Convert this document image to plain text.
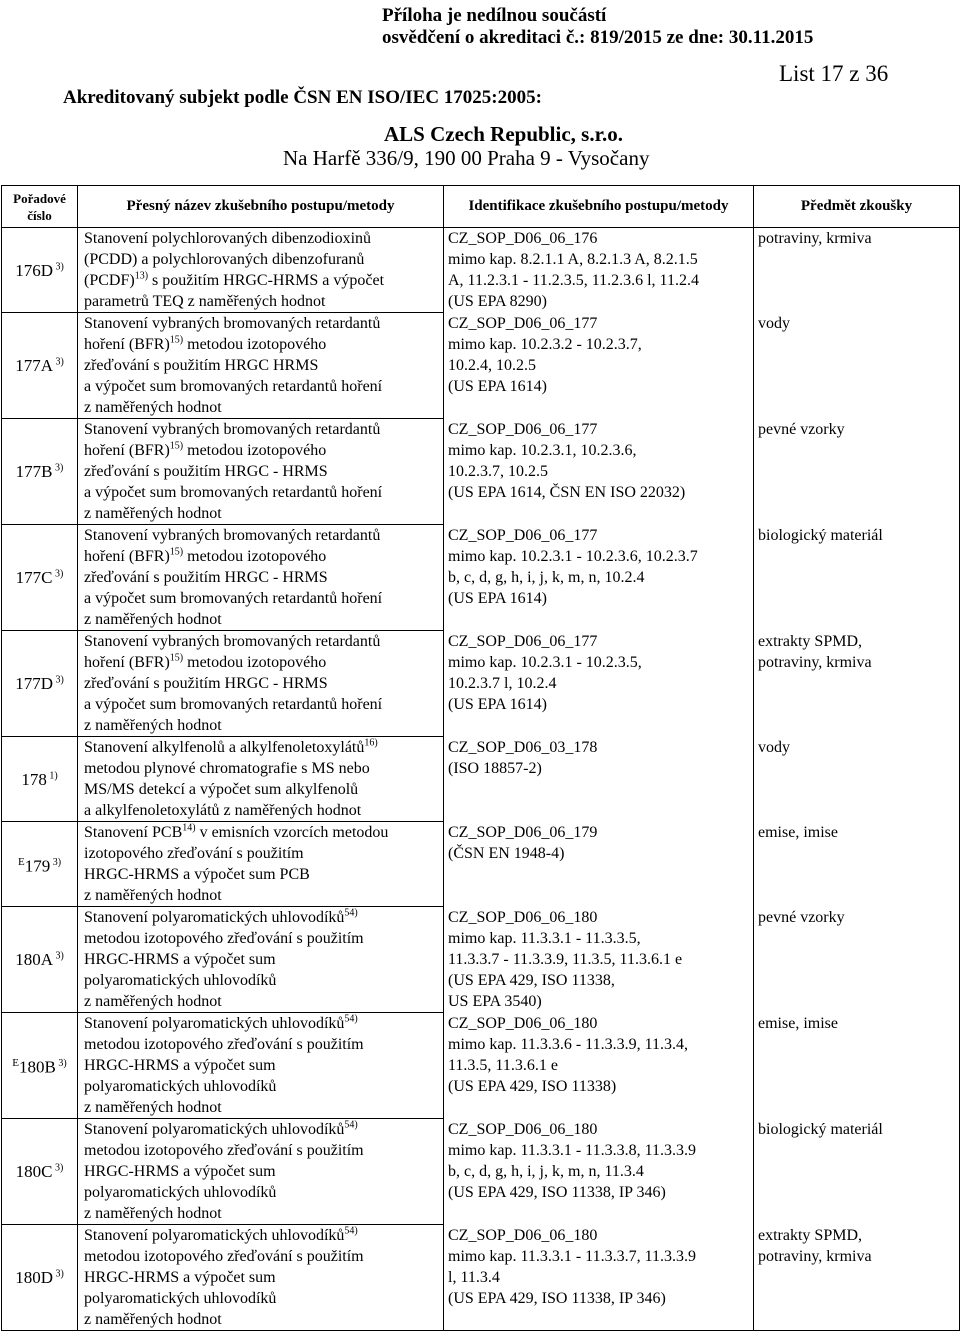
Příloha je nedílnou součástí
osvědčení o akreditaci č.: 819/2015 ze dne: 30.11.2015
List 17 z 36
Akreditovaný subjekt podle ČSN EN ISO/IEC 17025:2005:
ALS Czech Republic, s.r.o.
Na Harfě 336/9, 190 00 Praha 9 - Vysočany
Pořadové číslo	Přesný název zkušebního postupu/metody	Identifikace zkušebního postupu/metody	Předmět zkoušky
176D $^{3)}$	Stanovení polychlorovaných dibenzodioxinů
(PCDD) a polychlorovaných dibenzofuranů
(PCDF)$^{13)}$ s použitím HRGC-HRMS a výpočet
parametrů TEQ z naměřených hodnot	CZ_SOP_D06_06_176
mimo kap. 8.2.1.1 A, 8.2.1.3 A, 8.2.1.5
A, 11.2.3.1 - 11.2.3.5, 11.2.3.6 l, 11.2.4
(US EPA 8290)	potraviny, krmiva

177A $^{3)}$	Stanovení vybraných bromovaných retardantů
hoření (BFR)$^{15)}$ metodou izotopového
zřeďování s použitím HRGC HRMS
a výpočet sum bromovaných retardantů hoření
z naměřených hodnot	CZ_SOP_D06_06_177
mimo kap. 10.2.3.2 - 10.2.3.7,
10.2.4, 10.2.5
(US EPA 1614)	vody

177B $^{3)}$	Stanovení vybraných bromovaných retardantů
hoření (BFR)$^{15)}$ metodou izotopového
zřeďování s použitím HRGC - HRMS
a výpočet sum bromovaných retardantů hoření
z naměřených hodnot	CZ_SOP_D06_06_177
mimo kap. 10.2.3.1, 10.2.3.6,
10.2.3.7, 10.2.5
(US EPA 1614, ČSN EN ISO 22032)	pevné vzorky

177C $^{3)}$	Stanovení vybraných bromovaných retardantů
hoření (BFR)$^{15)}$ metodou izotopového
zřeďování s použitím HRGC - HRMS
a výpočet sum bromovaných retardantů hoření
z naměřených hodnot	CZ_SOP_D06_06_177
mimo kap. 10.2.3.1 - 10.2.3.6, 10.2.3.7
b, c, d, g, h, i, j, k, m, n, 10.2.4
(US EPA 1614)	biologický materiál

177D $^{3)}$	Stanovení vybraných bromovaných retardantů
hoření (BFR)$^{15)}$ metodou izotopového
zřeďování s použitím HRGC - HRMS
a výpočet sum bromovaných retardantů hoření
z naměřených hodnot	CZ_SOP_D06_06_177
mimo kap. 10.2.3.1 - 10.2.3.5,
10.2.3.7 l, 10.2.4
(US EPA 1614)	extrakty SPMD,
potraviny, krmiva

178 $^{1)}$	Stanovení alkylfenolů a alkylfenoletoxylátů$^{16)}$
metodou plynové chromatografie s MS nebo
MS/MS detekcí a výpočet sum alkylfenolů
a alkylfenoletoxylátů z naměřených hodnot	CZ_SOP_D06_03_178
(ISO 18857-2)	vody

$^E$179 $^{3)}$	Stanovení PCB$^{14)}$ v emisních vzorcích metodou
izotopového zřeďování s použitím
HRGC-HRMS a výpočet sum PCB
z naměřených hodnot	CZ_SOP_D06_06_179
(ČSN EN 1948-4)	emise, imise

180A $^{3)}$	Stanovení polyaromatických uhlovodíků$^{54)}$
metodou izotopového zřeďování s použitím
HRGC-HRMS a výpočet sum
polyaromatických uhlovodíků
z naměřených hodnot	CZ_SOP_D06_06_180
mimo kap. 11.3.3.1 - 11.3.3.5,
11.3.3.7 - 11.3.3.9, 11.3.5, 11.3.6.1 e
(US EPA 429, ISO 11338,
US EPA 3540)	pevné vzorky

$^E$180B $^{3)}$	Stanovení polyaromatických uhlovodíků$^{54)}$
metodou izotopového zřeďování s použitím
HRGC-HRMS a výpočet sum
polyaromatických uhlovodíků
z naměřených hodnot	CZ_SOP_D06_06_180
mimo kap. 11.3.3.6 - 11.3.3.9, 11.3.4,
11.3.5, 11.3.6.1 e
(US EPA 429, ISO 11338)	emise, imise

180C $^{3)}$	Stanovení polyaromatických uhlovodíků$^{54)}$
metodou izotopového zřeďování s použitím
HRGC-HRMS a výpočet sum
polyaromatických uhlovodíků
z naměřených hodnot	CZ_SOP_D06_06_180
mimo kap. 11.3.3.1 - 11.3.3.8, 11.3.3.9
b, c, d, g, h, i, j, k, m, n, 11.3.4
(US EPA 429, ISO 11338, IP 346)	biologický materiál

180D $^{3)}$	Stanovení polyaromatických uhlovodíků$^{54)}$
metodou izotopového zřeďování s použitím
HRGC-HRMS a výpočet sum
polyaromatických uhlovodíků
z naměřených hodnot	CZ_SOP_D06_06_180
mimo kap. 11.3.3.1 - 11.3.3.7, 11.3.3.9
l, 11.3.4
(US EPA 429, ISO 11338, IP 346)	extrakty SPMD,
potraviny, krmiva
